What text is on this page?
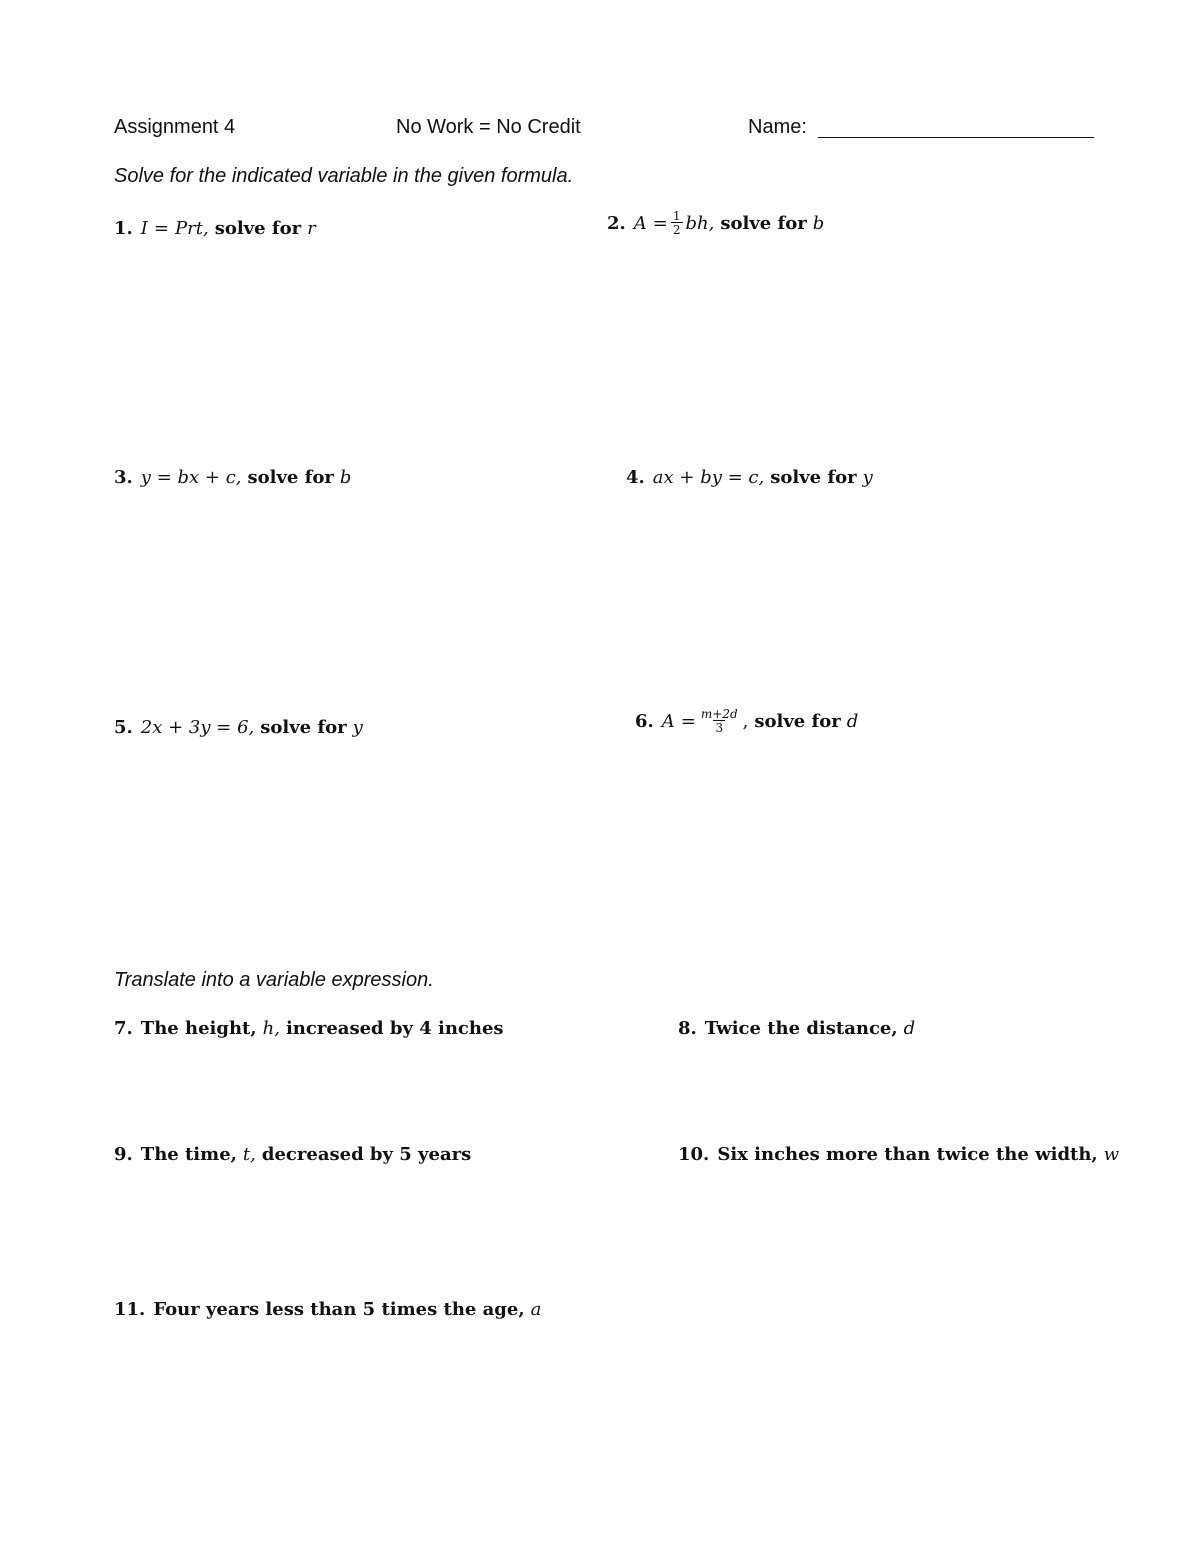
Assignment 4	No Work = No Credit	Name:
Solve for the indicated variable in the given formula.
1. I = Prt, solve for r	2. $A = \frac{1}{2}$ bh, solve for b
3. y = bx + c, solve for b	4. ax + by = c, solve for y
5. 2x + 3y = 6, solve for y	6. $A = \frac{m+2d}{3}$ , solve for d
Translate into a variable expression.
7. The height, h, increased by 4 inches	8. Twice the distance, d
9. The time, t, decreased by 5 years	10. Six inches more than twice the width, w
11. Four years less than 5 times the age, a
